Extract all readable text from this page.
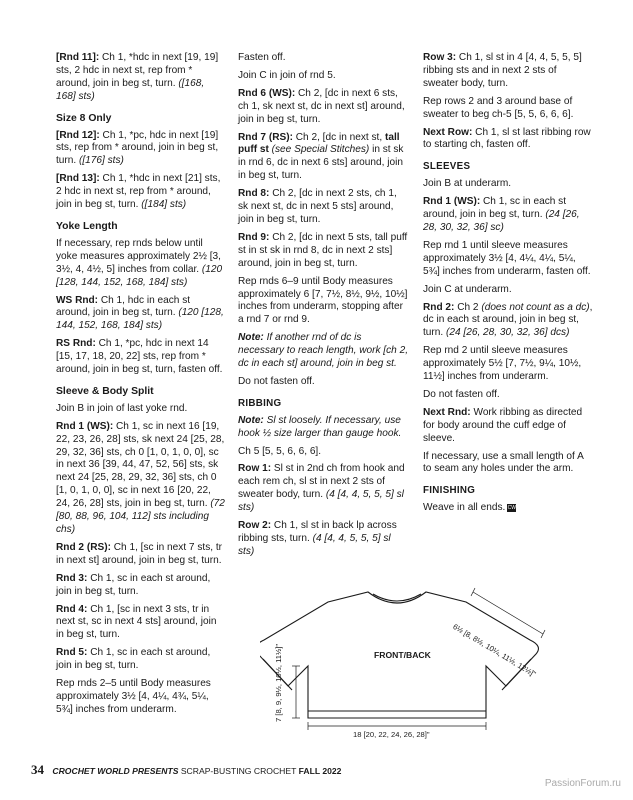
[Rnd 11]: Ch 1, *hdc in next [19, 19] sts, 2 hdc in next st, rep from * around, join in beg st, turn. ([168, 168] sts)

Size 8 Only

[Rnd 12]: Ch 1, *pc, hdc in next [19] sts, rep from * around, join in beg st, turn. ([176] sts)

[Rnd 13]: Ch 1, *hdc in next [21] sts, 2 hdc in next st, rep from * around, join in beg st, turn. ([184] sts)

Yoke Length

If necessary, rep rnds below until yoke measures approximately 2½ [3, 3½, 4, 4½, 5] inches from collar. (120 [128, 144, 152, 168, 184] sts)

WS Rnd: Ch 1, hdc in each st around, join in beg st, turn. (120 [128, 144, 152, 168, 184] sts)

RS Rnd: Ch 1, *pc, hdc in next 14 [15, 17, 18, 20, 22] sts, rep from * around, join in beg st, turn, fasten off.

Sleeve & Body Split

Join B in join of last yoke rnd.

Rnd 1 (WS): Ch 1, sc in next 16 [19, 22, 23, 26, 28] sts, sk next 24 [25, 28, 29, 32, 36] sts, ch 0 [1, 0, 1, 0, 0], sc in next 36 [39, 44, 47, 52, 56] sts, sk next 24 [25, 28, 29, 32, 36] sts, ch 0 [1, 0, 1, 0, 0], sc in next 16 [20, 22, 24, 26, 28] sts, join in beg st, turn. (72 [80, 88, 96, 104, 112] sts including chs)

Rnd 2 (RS): Ch 1, [sc in next 7 sts, tr in next st] around, join in beg st, turn.

Rnd 3: Ch 1, sc in each st around, join in beg st, turn.

Rnd 4: Ch 1, [sc in next 3 sts, tr in next st, sc in next 4 sts] around, join in beg st, turn.

Rnd 5: Ch 1, sc in each st around, join in beg st, turn.

Rep rnds 2–5 until Body measures approximately 3½ [4, 4¼, 4¾, 5¼, 5¾] inches from underarm.

Fasten off.

Join C in join of rnd 5.

Rnd 6 (WS): Ch 2, [dc in next 6 sts, ch 1, sk next st, dc in next st] around, join in beg st, turn.

Rnd 7 (RS): Ch 2, [dc in next st, tall puff st (see Special Stitches) in st sk in rnd 6, dc in next 6 sts] around, join in beg st, turn.

Rnd 8: Ch 2, [dc in next 2 sts, ch 1, sk next st, dc in next 5 sts] around, join in beg st, turn.

Rnd 9: Ch 2, [dc in next 5 sts, tall puff st in st sk in rnd 8, dc in next 2 sts] around, join in beg st, turn.

Rep rnds 6–9 until Body measures approximately 6 [7, 7½, 8½, 9½, 10½] inches from underarm, stopping after a rnd 7 or rnd 9.

Note: If another rnd of dc is necessary to reach length, work [ch 2, dc in each st] around, join in beg st.

Do not fasten off.

RIBBING

Note: Sl st loosely. If necessary, use hook ½ size larger than gauge hook.

Ch 5 [5, 5, 6, 6, 6].

Row 1: Sl st in 2nd ch from hook and each rem ch, sl st in next 2 sts of sweater body, turn. (4 [4, 4, 5, 5, 5] sl sts)

Row 2: Ch 1, sl st in back lp across ribbing sts, turn. (4 [4, 4, 5, 5, 5] sl sts)

Row 3: Ch 1, sl st in 4 [4, 4, 5, 5, 5] ribbing sts and in next 2 sts of sweater body, turn.

Rep rows 2 and 3 around base of sweater to beg ch-5 [5, 5, 6, 6, 6].

Next Row: Ch 1, sl st last ribbing row to starting ch, fasten off.

SLEEVES

Join B at underarm.

Rnd 1 (WS): Ch 1, sc in each st around, join in beg st, turn. (24 [26, 28, 30, 32, 36] sc)

Rep rnd 1 until sleeve measures approximately 3½ [4, 4¼, 4¼, 5¼, 5¾] inches from underarm, fasten off.

Join C at underarm.

Rnd 2: Ch 2 (does not count as a dc), dc in each st around, join in beg st, turn. (24 [26, 28, 30, 32, 36] dcs)

Rep rnd 2 until sleeve measures approximately 5½ [7, 7½, 9¼, 10½, 11½] inches from underarm.

Do not fasten off.

Next Rnd: Work ribbing as directed for body around the cuff edge of sleeve.

If necessary, use a small length of A to seam any holes under the arm.

FINISHING

Weave in all ends. CW

FRONT/BACK	6½ [8, 8½, 10¼, 11½, 12½]"
7 [8, 9, 9½, 10½, 11½]"
18 [20, 22, 24, 26, 28]"
34 CROCHET WORLD PRESENTS SCRAP-BUSTING CROCHET FALL 2022
PassionForum.ru
